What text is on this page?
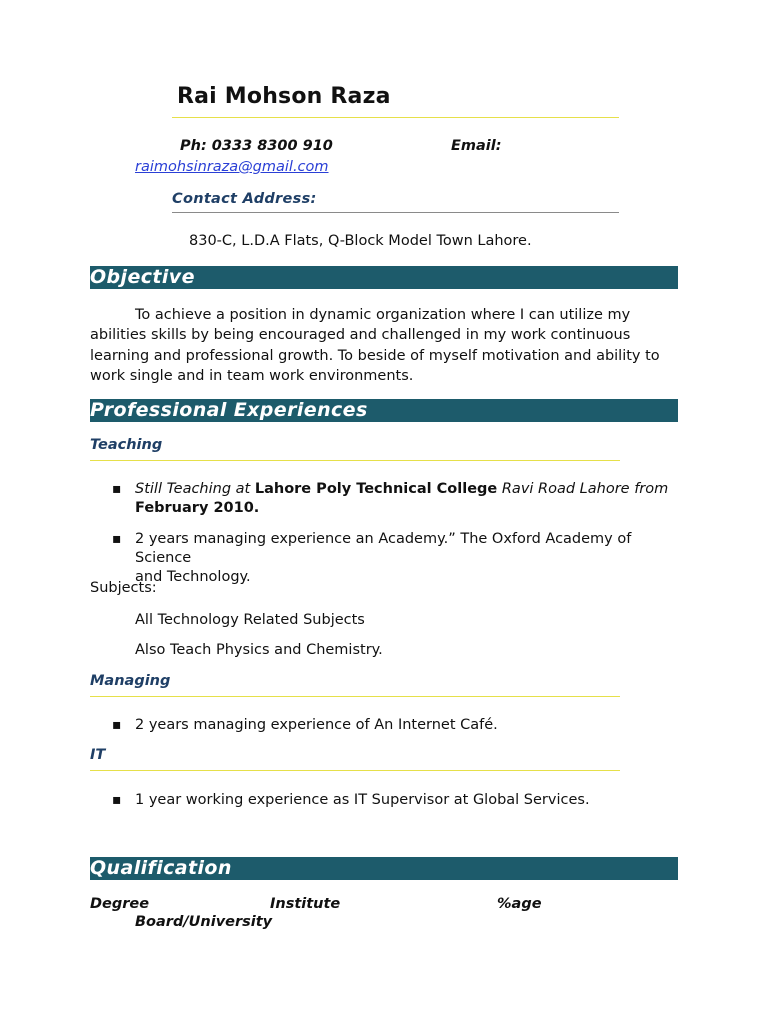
Rai Mohson Raza
Ph: 0333 8300 910	Email:
raimohsinraza@gmail.com
Contact Address:
830-C, L.D.A Flats, Q-Block Model Town Lahore.
Objective
To achieve a position in dynamic organization where I can utilize my abilities skills by being encouraged and challenged in my work continuous learning and professional growth. To beside of myself motivation and ability to work single and in team work environments.
Professional Experiences
Teaching
▪ Still Teaching at Lahore Poly Technical College Ravi Road Lahore from
February 2010.
▪ 2 years managing experience an Academy.” The Oxford Academy of Science
and Technology.
Subjects:
All Technology Related Subjects
Also Teach Physics and Chemistry.
Managing
▪ 2 years managing experience of An Internet Café.
IT
▪ 1 year working experience as IT Supervisor at Global Services.
Qualification
Degree	Institute	%age
Board/University
